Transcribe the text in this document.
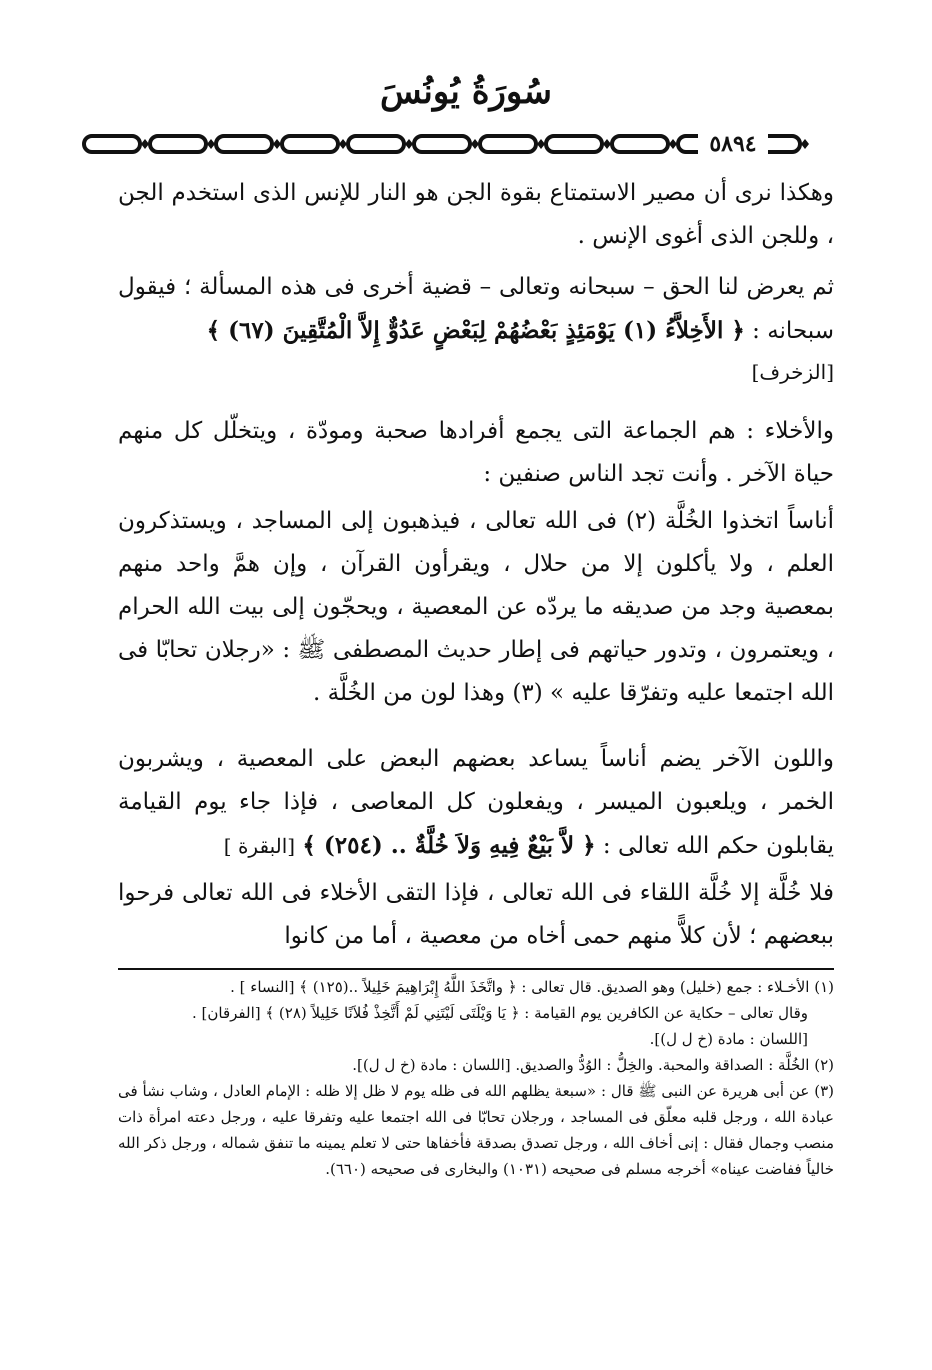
سُورَةُ يُونُسَ
٥٨٩٤
وهكذا نرى أن مصير الاستمتاع بقوة الجن هو النار للإنس الذى استخدم الجن ، وللجن الذى أغوى الإنس .
ثم يعرض لنا الحق – سبحانه وتعالى – قضية أخرى فى هذه المسألة ؛ فيقول سبحانه : ﴿ الأَخِلاَّءُ (١) يَوْمَئِذٍ بَعْضُهُمْ لِبَعْضٍ عَدُوٌّ إِلاَّ الْمُتَّقِينَ (٦٧) ﴾
[الزخرف]
والأخلاء : هم الجماعة التى يجمع أفرادها صحبة ومودّة ، ويتخلّل كل منهم حياة الآخر . وأنت تجد الناس صنفين :
أناساً اتخذوا الخُلَّة (٢) فى الله تعالى ، فيذهبون إلى المساجد ، ويستذكرون العلم ، ولا يأكلون إلا من حلال ، ويقرأون القرآن ، وإن همَّ واحد منهم بمعصية وجد من صديقه ما يردّه عن المعصية ، ويحجّون إلى بيت الله الحرام ، ويعتمرون ، وتدور حياتهم فى إطار حديث المصطفى ﷺ : «رجلان تحابّا فى الله اجتمعا عليه وتفرّقا عليه » (٣) وهذا لون من الخُلَّة .
واللون الآخر يضم أناساً يساعد بعضهم البعض على المعصية ، ويشربون الخمر ، ويلعبون الميسر ، ويفعلون كل المعاصى ، فإذا جاء يوم القيامة يقابلون حكم الله تعالى : ﴿ لاَّ بَيْعٌ فِيهِ وَلاَ خُلَّةٌ .. (٢٥٤) ﴾ [البقرة ]
فلا خُلَّة إلا خُلَّة اللقاء فى الله تعالى ، فإذا التقى الأخلاء فى الله تعالى فرحوا ببعضهم ؛ لأن كلاًّ منهم حمى أخاه من معصية ، أما من كانوا
(١) الأخـلاء : جمع (خليل) وهو الصديق. قال تعالى : ﴿ واتَّخَذَ اللَّهُ إِبْرَاهِيمَ خَلِيلاً ..(١٢٥) ﴾ [النساء ] .
وقال تعالى – حكاية عن الكافرين يوم القيامة : ﴿ يَا وَيْلَتَى لَيْتَنِي لَمْ أَتَّخِذْ فُلاَنًا خَلِيلاً (٢٨) ﴾ [الفرقان] .
[اللسان : مادة (خ ل ل)].
(٢) الخُلَّة : الصداقة والمحبة. والخِلُّ : الوُدُّ والصديق. [اللسان : مادة (خ ل ل)].
(٣) عن أبى هريرة عن النبى ﷺ قال : «سبعة يظلهم الله فى ظله يوم لا ظل إلا ظله : الإمام العادل ، وشاب نشأ فى عبادة الله ، ورجل قلبه معلّق فى المساجد ، ورجلان تحابّا فى الله اجتمعا عليه وتفرقا عليه ، ورجل دعته امرأة ذات منصب وجمال فقال : إنى أخاف الله ، ورجل تصدق بصدقة فأخفاها حتى لا تعلم يمينه ما تنفق شماله ، ورجل ذكر الله خالياً ففاضت عيناه» أخرجه مسلم فى صحيحه (١٠٣١) والبخارى فى صحيحه (٦٦٠).
